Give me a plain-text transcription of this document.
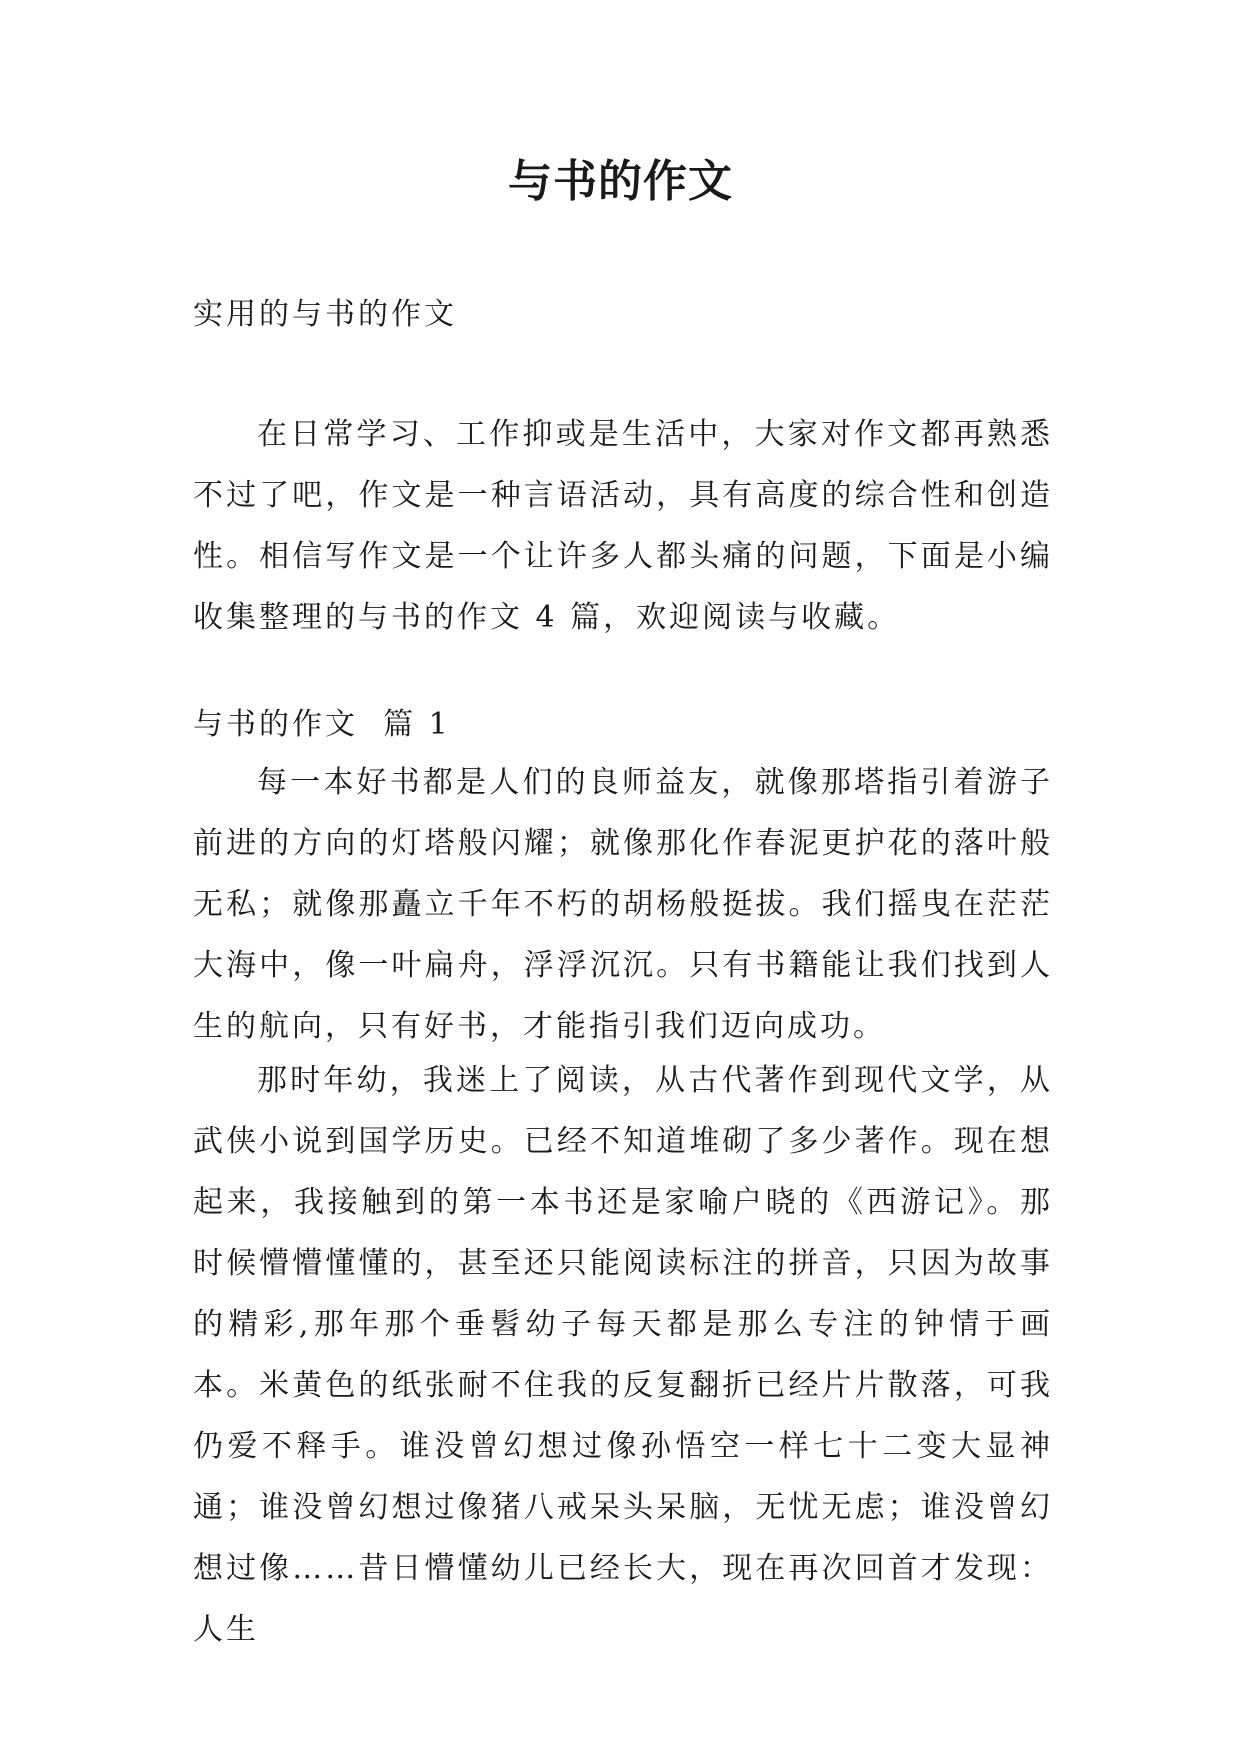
与书的作文
实用的与书的作文

在日常学习、工作抑或是生活中，大家对作文都再熟悉不过了吧，作文是一种言语活动，具有高度的综合性和创造性。相信写作文是一个让许多人都头痛的问题，下面是小编收集整理的与书的作文 4 篇，欢迎阅读与收藏。

与书的作文  篇 1

每一本好书都是人们的良师益友，就像那塔指引着游子前进的方向的灯塔般闪耀；就像那化作春泥更护花的落叶般无私；就像那矗立千年不朽的胡杨般挺拔。我们摇曳在茫茫大海中，像一叶扁舟，浮浮沉沉。只有书籍能让我们找到人生的航向，只有好书，才能指引我们迈向成功。

那时年幼，我迷上了阅读，从古代著作到现代文学，从武侠小说到国学历史。已经不知道堆砌了多少著作。现在想起来，我接触到的第一本书还是家喻户晓的《西游记》。那时候懵懵懂懂的，甚至还只能阅读标注的拼音，只因为故事的精彩,那年那个垂髫幼子每天都是那么专注的钟情于画本。米黄色的纸张耐不住我的反复翻折已经片片散落，可我仍爱不释手。谁没曾幻想过像孙悟空一样七十二变大显神通；谁没曾幻想过像猪八戒呆头呆脑，无忧无虑；谁没曾幻想过像……昔日懵懂幼儿已经长大，现在再次回首才发现：人生
